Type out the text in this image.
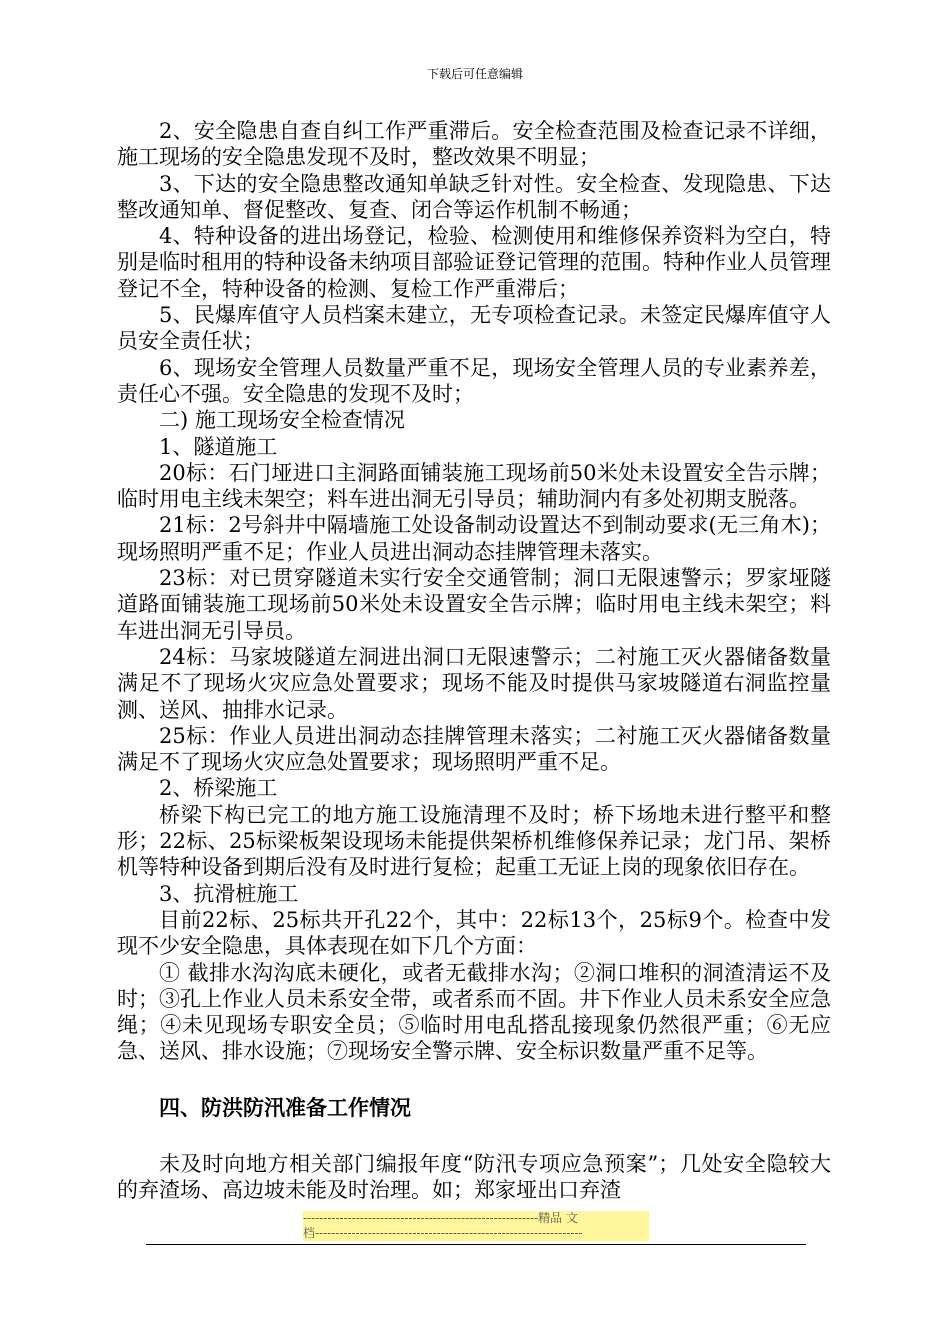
下载后可任意编辑

2、安全隐患自查自纠工作严重滞后。安全检查范围及检查记录不详细，施工现场的安全隐患发现不及时，整改效果不明显；

3、下达的安全隐患整改通知单缺乏针对性。安全检查、发现隐患、下达整改通知单、督促整改、复查、闭合等运作机制不畅通；

4、特种设备的进出场登记，检验、检测使用和维修保养资料为空白，特别是临时租用的特种设备未纳项目部验证登记管理的范围。特种作业人员管理登记不全，特种设备的检测、复检工作严重滞后；

5、民爆库值守人员档案未建立，无专项检查记录。未签定民爆库值守人员安全责任状；

6、现场安全管理人员数量严重不足，现场安全管理人员的专业素养差，责任心不强。安全隐患的发现不及时；

二) 施工现场安全检查情况

1、隧道施工

20标：石门垭进口主洞路面铺装施工现场前50米处未设置安全告示牌；临时用电主线未架空；料车进出洞无引导员；辅助洞内有多处初期支脱落。

21标：2号斜井中隔墙施工处设备制动设置达不到制动要求(无三角木)；现场照明严重不足；作业人员进出洞动态挂牌管理未落实。

23标：对已贯穿隧道未实行安全交通管制；洞口无限速警示；罗家垭隧道路面铺装施工现场前50米处未设置安全告示牌；临时用电主线未架空；料车进出洞无引导员。

24标：马家坡隧道左洞进出洞口无限速警示；二衬施工灭火器储备数量满足不了现场火灾应急处置要求；现场不能及时提供马家坡隧道右洞监控量测、送风、抽排水记录。

25标：作业人员进出洞动态挂牌管理未落实；二衬施工灭火器储备数量满足不了现场火灾应急处置要求；现场照明严重不足。

2、桥梁施工

桥梁下构已完工的地方施工设施清理不及时；桥下场地未进行整平和整形；22标、25标梁板架设现场未能提供架桥机维修保养记录；龙门吊、架桥机等特种设备到期后没有及时进行复检；起重工无证上岗的现象依旧存在。

3、抗滑桩施工

目前22标、25标共开孔22个，其中：22标13个，25标9个。检查中发现不少安全隐患，具体表现在如下几个方面：

① 截排水沟沟底未硬化，或者无截排水沟；②洞口堆积的洞渣清运不及时；③孔上作业人员未系安全带，或者系而不固。井下作业人员未系安全应急绳；④未见现场专职安全员；⑤临时用电乱搭乱接现象仍然很严重；⑥无应急、送风、排水设施；⑦现场安全警示牌、安全标识数量严重不足等。

四、防洪防汛准备工作情况

未及时向地方相关部门编报年度“防汛专项应急预案”；几处安全隐较大的弃渣场、高边坡未能及时治理。如；郑家垭出口弃渣

----------------------------------------------------------精品 文
档------------------------------------------------------------------
